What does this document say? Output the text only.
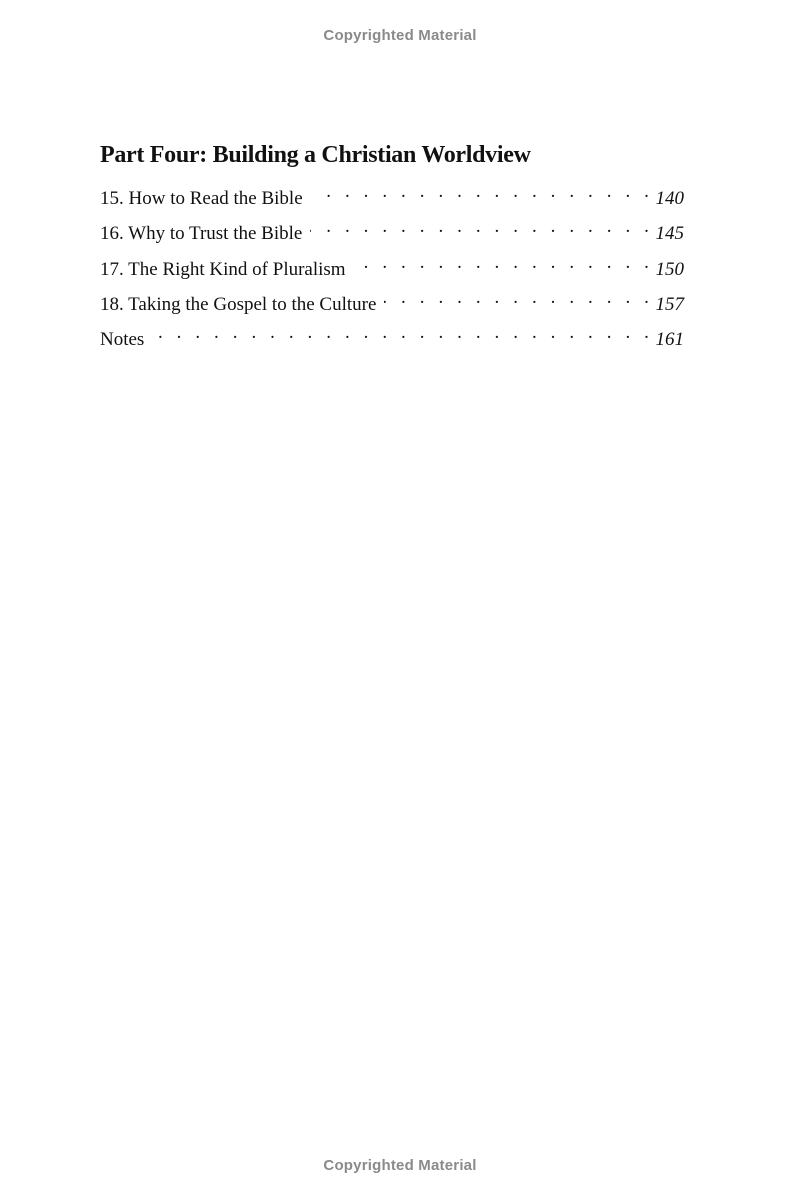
Copyrighted Material
Part Four: Building a Christian Worldview
15. How to Read the Bible . . .	140
16. Why to Trust the Bible . . .	145
17. The Right Kind of Pluralism . . .	150
18. Taking the Gospel to the Culture . . .	157
Notes . . .	161
Copyrighted Material
